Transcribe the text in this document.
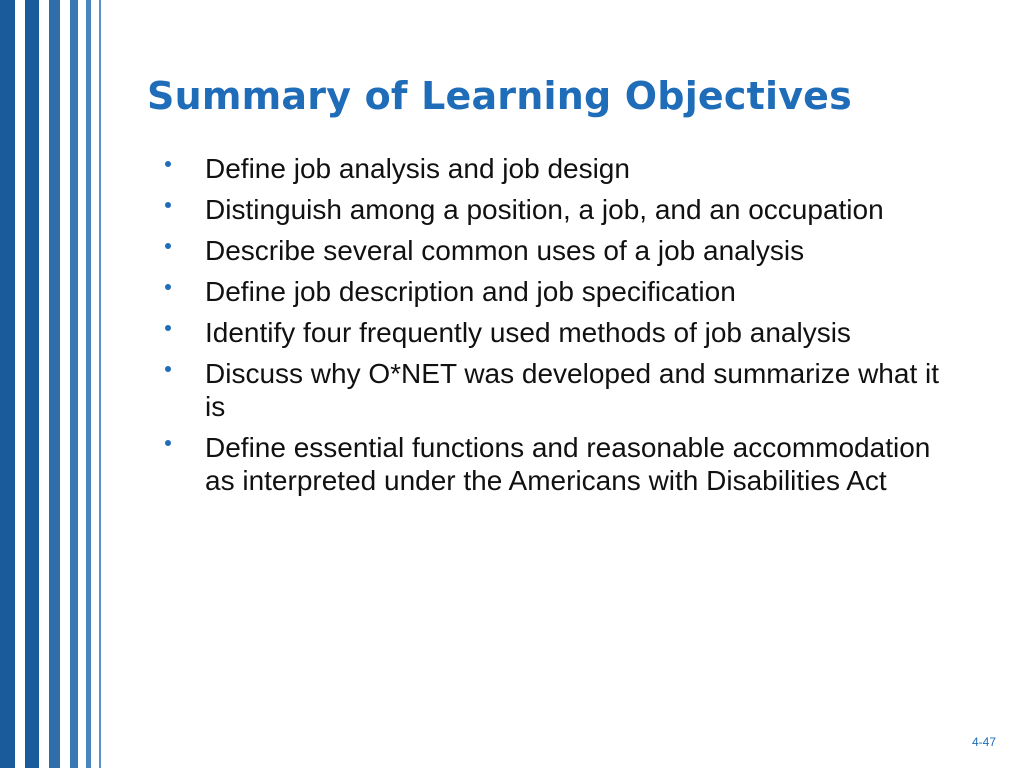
Summary of Learning Objectives
Define job analysis and job design
Distinguish among a position, a job, and an occupation
Describe several common uses of a job analysis
Define job description and job specification
Identify four frequently used methods of job analysis
Discuss why O*NET was developed and summarize what it is
Define essential functions and reasonable accommodation as interpreted under the Americans with Disabilities Act
4-47
